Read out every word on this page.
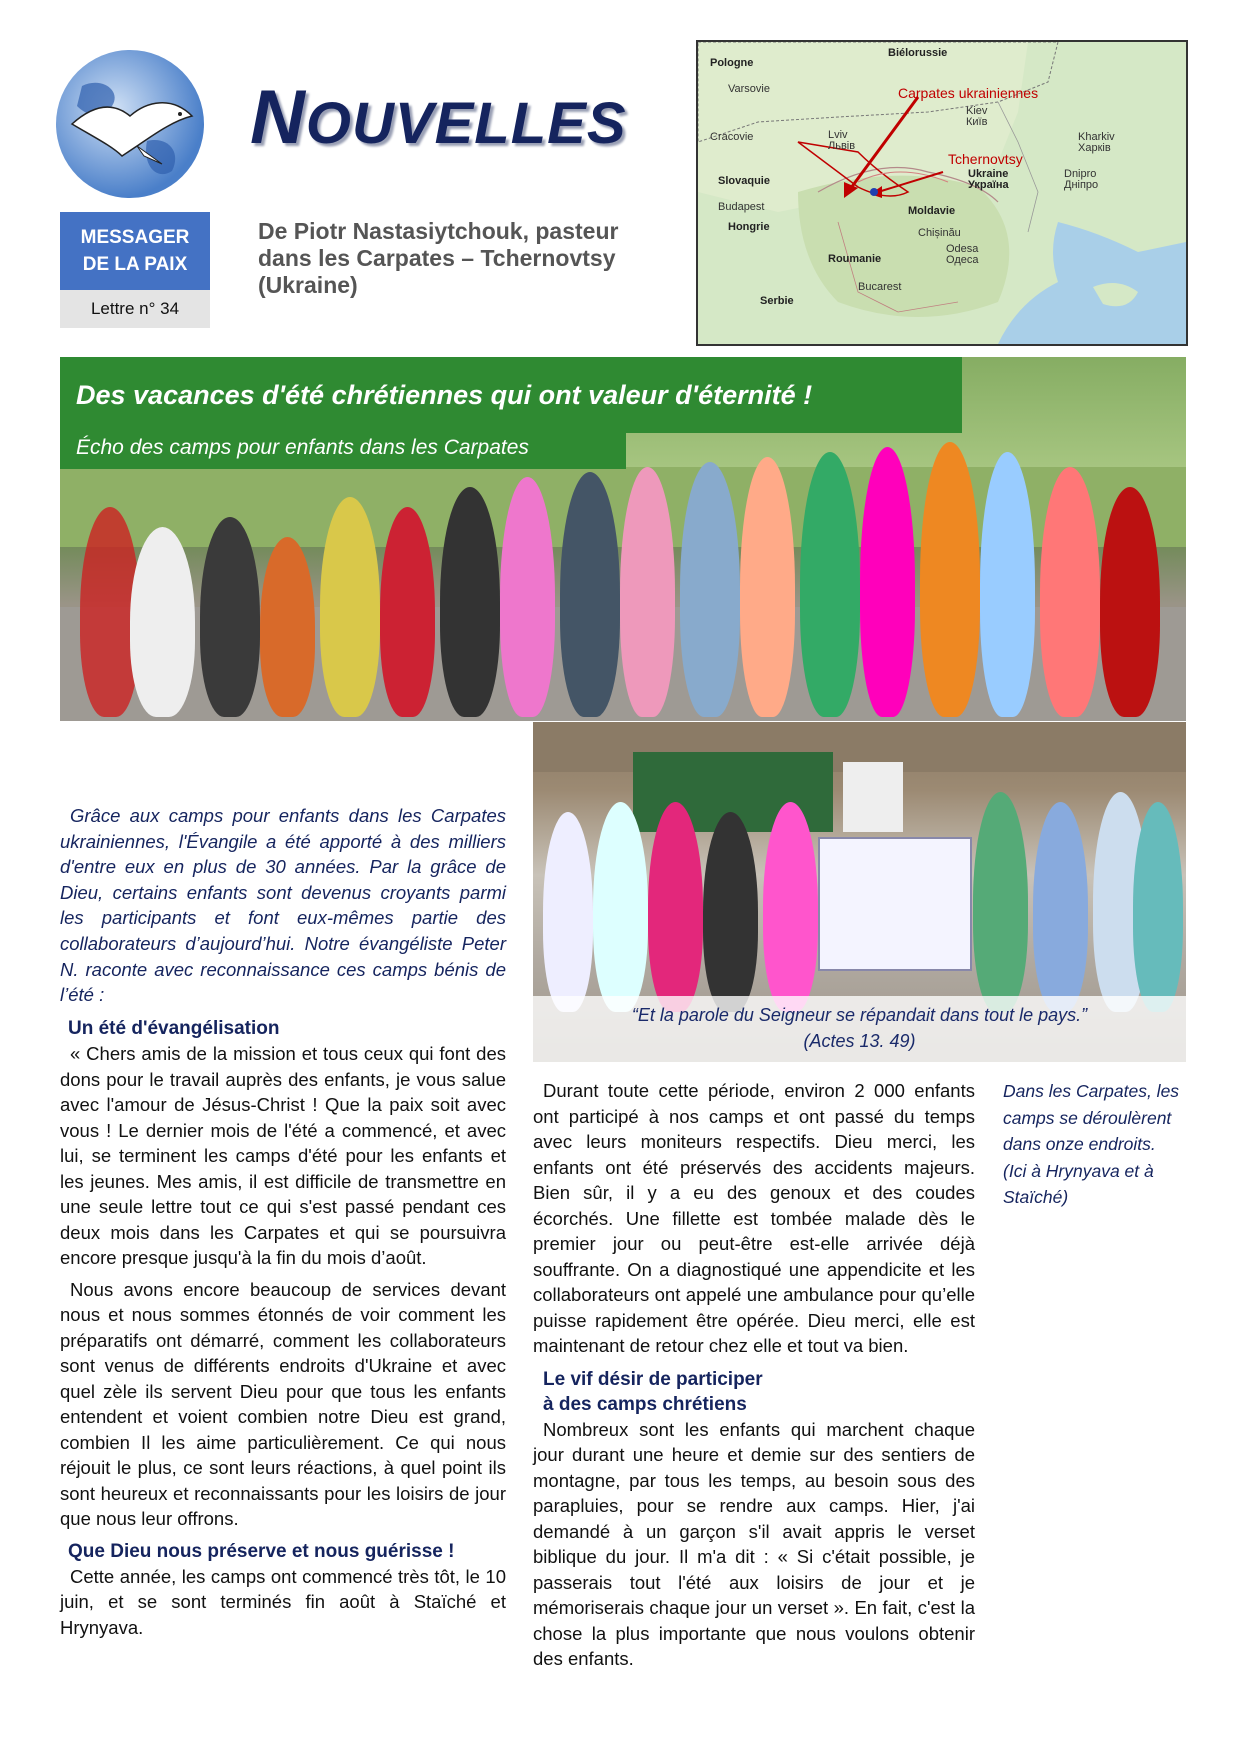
NOUVELLES
MESSAGER
DE LA PAIX
Lettre n° 34
De Piotr Nastasiytchouk, pasteur dans les Carpates – Tchernovtsy (Ukraine)
Biélorussie
Pologne
Varsovie
Cracovie	Lviv Львів
Kiev Київ
Kharkiv Харків
Ukraine Україна
Dnipro Дніпро
Slovaquie
Budapest
Hongrie
Moldavie
Chișinău
Odesa Одеса
Roumanie
Bucarest
Serbie
Carpates ukrainiennes
Tchernovtsy
Des vacances d'été chrétiennes qui ont valeur d'éternité !
Écho des camps pour enfants dans les Carpates
“Et la parole du Seigneur se répandait dans tout le pays.”
(Actes 13. 49)

Grâce aux camps pour enfants dans les Carpates ukrainiennes, l'Évangile a été apporté à des milliers d'entre eux en plus de 30 années. Par la grâce de Dieu, certains enfants sont devenus croyants parmi les participants et font eux-mêmes partie des collaborateurs d’aujourd’hui. Notre évangéliste Peter N. raconte avec reconnaissance ces camps bénis de l’été :

Un été d'évangélisation

« Chers amis de la mission et tous ceux qui font des dons pour le travail auprès des enfants, je vous salue avec l'amour de Jésus-Christ ! Que la paix soit avec vous ! Le dernier mois de l'été a commencé, et avec lui, se terminent les camps d'été pour les enfants et les jeunes. Mes amis, il est difficile de transmettre en une seule lettre tout ce qui s'est passé pendant ces deux mois dans les Carpates et qui se poursuivra encore presque jusqu'à la fin du mois d’août.

Nous avons encore beaucoup de services devant nous et nous sommes étonnés de voir comment les préparatifs ont démarré, comment les collaborateurs sont venus de différents endroits d'Ukraine et avec quel zèle ils servent Dieu pour que tous les enfants entendent et voient combien notre Dieu est grand, combien Il les aime particulièrement. Ce qui nous réjouit le plus, ce sont leurs réactions, à quel point ils sont heureux et reconnaissants pour les loisirs de jour que nous leur offrons.

Que Dieu nous préserve et nous guérisse !

Cette année, les camps ont commencé très tôt, le 10 juin, et se sont terminés fin août à Staïché et Hrynyava.

Durant toute cette période, environ 2 000 enfants ont participé à nos camps et ont passé du temps avec leurs moniteurs respectifs. Dieu merci, les enfants ont été préservés des accidents majeurs. Bien sûr, il y a eu des genoux et des coudes écorchés. Une fillette est tombée malade dès le premier jour ou peut-être est-elle arrivée déjà souffrante. On a diagnostiqué une appendicite et les collaborateurs ont appelé une ambulance pour qu’elle puisse rapidement être opérée. Dieu merci, elle est maintenant de retour chez elle et tout va bien.

Le vif désir de participer
à des camps chrétiens

Nombreux sont les enfants qui marchent chaque jour durant une heure et demie sur des sentiers de montagne, par tous les temps, au besoin sous des parapluies, pour se rendre aux camps. Hier, j'ai demandé à un garçon s'il avait appris le verset biblique du jour. Il m'a dit : « Si c'était possible, je passerais tout l'été aux loisirs de jour et je mémoriserais chaque jour un verset ». En fait, c'est la chose la plus importante que nous voulons obtenir des enfants.

Dans les Carpates, les camps se déroulèrent dans onze endroits. (Ici à Hrynyava et à Staïché)
